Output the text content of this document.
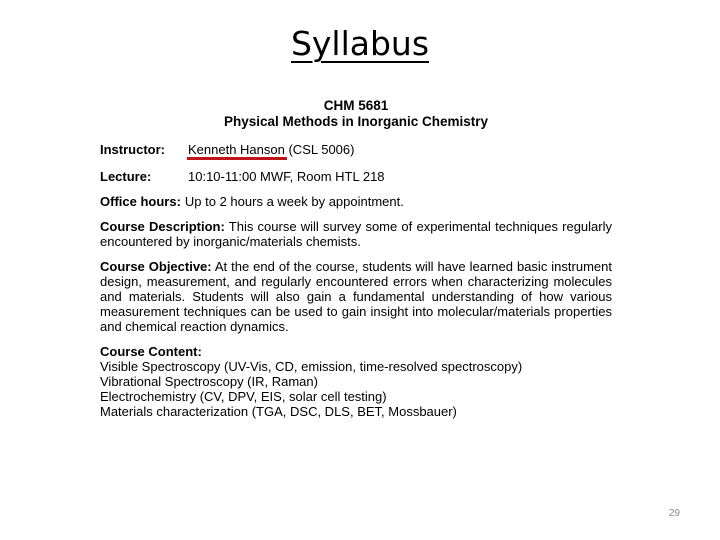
Syllabus
CHM 5681
Physical Methods in Inorganic Chemistry
Instructor:	Kenneth Hanson (CSL 5006)
Lecture:	10:10-11:00 MWF, Room HTL 218
Office hours: Up to 2 hours a week by appointment.
Course Description: This course will survey some of experimental techniques regularly encountered by inorganic/materials chemists.
Course Objective: At the end of the course, students will have learned basic instrument design, measurement, and regularly encountered errors when characterizing molecules and materials. Students will also gain a fundamental understanding of how various measurement techniques can be used to gain insight into molecular/materials properties and chemical reaction dynamics.
Course Content:
Visible Spectroscopy (UV-Vis, CD, emission, time-resolved spectroscopy)
Vibrational Spectroscopy (IR, Raman)
Electrochemistry (CV, DPV, EIS, solar cell testing)
Materials characterization (TGA, DSC, DLS, BET, Mossbauer)
29
